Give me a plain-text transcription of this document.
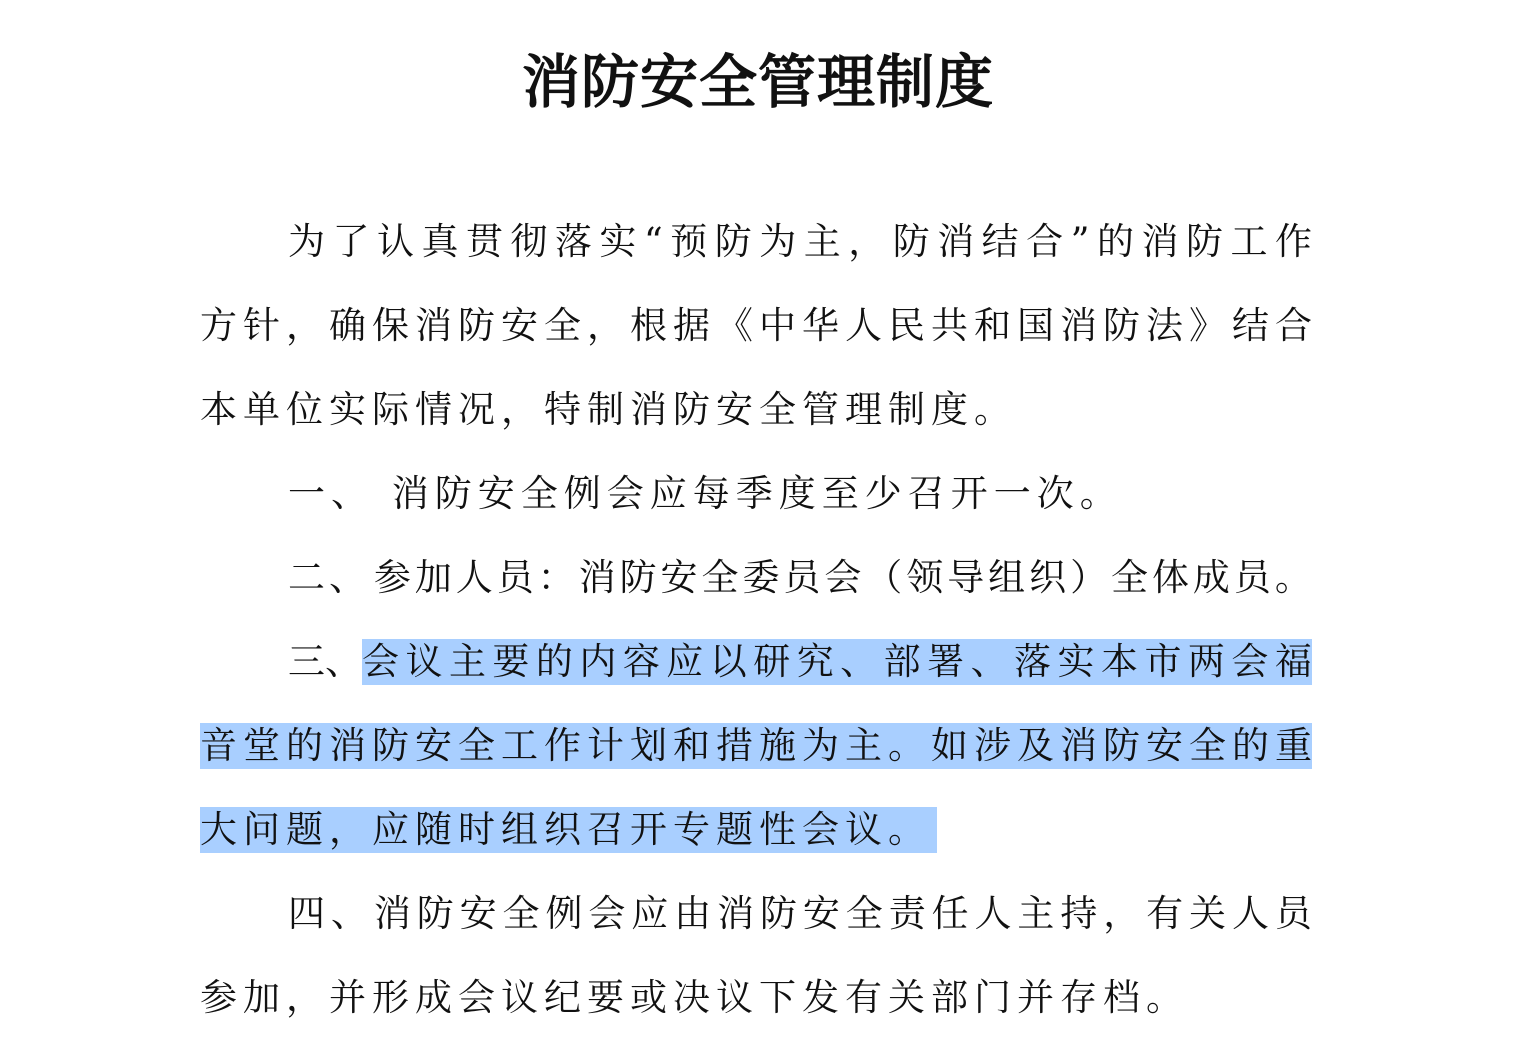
消防安全管理制度
为 了 认 真 贯 彻 落 实 “ 预 防 为 主 ， 防 消 结 合 ” 的 消 防 工 作
方 针 ， 确 保 消 防 安 全 ， 根 据 《 中 华 人 民 共 和 国 消 防 法 》 结 合
本单位实际情况，特制消防安全管理制度。
一、 消防安全例会应每季度至少召开一次。
二 、 参 加 人 员 ： 消 防 安 全 委 员 会 （ 领 导 组 织 ） 全 体 成 员 。
三、 会 议 主 要 的 内 容 应 以 研 究 、 部 署 、 落 实 本 市 两 会 福
音 堂 的 消 防 安 全 工 作 计 划 和 措 施 为 主 。 如 涉 及 消 防 安 全 的 重
大问题，应随时组织召开专题性会议。
四 、 消 防 安 全 例 会 应 由 消 防 安 全 责 任 人 主 持 ， 有 关 人 员
参加，并形成会议纪要或决议下发有关部门并存档。
